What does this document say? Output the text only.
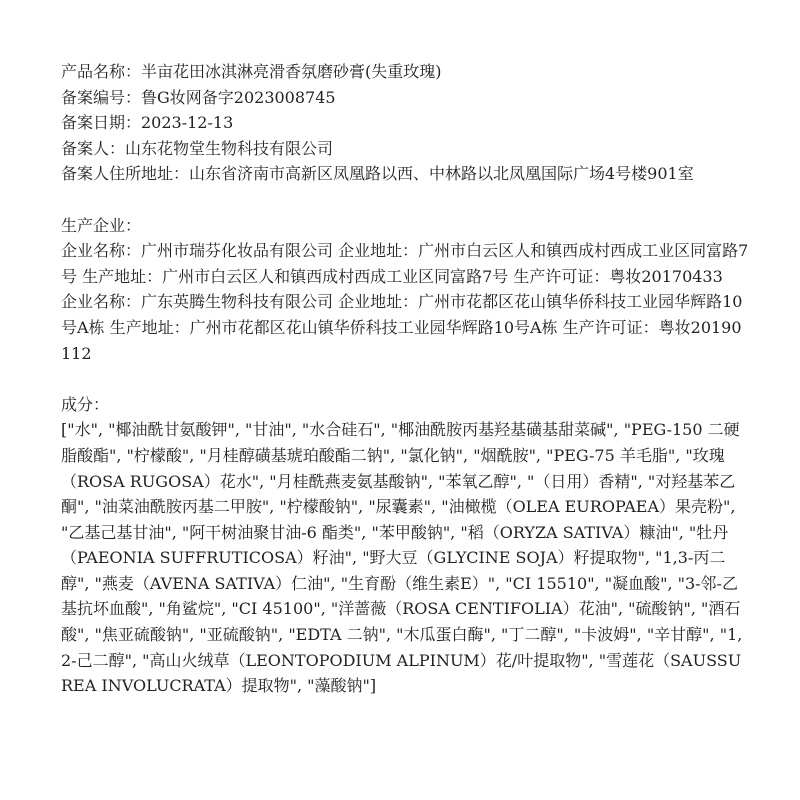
产品名称：半亩花田冰淇淋亮滑香氛磨砂膏(失重玫瑰)

备案编号：鲁G妆网备字2023008745

备案日期：2023-12-13

备案人：山东花物堂生物科技有限公司

备案人住所地址：山东省济南市高新区凤凰路以西、中林路以北凤凰国际广场4号楼901室

生产企业：

企业名称：广州市瑞芬化妆品有限公司 企业地址：广州市白云区人和镇西成村西成工业区同富路7号 生产地址：广州市白云区人和镇西成村西成工业区同富路7号 生产许可证：粤妆20170433

企业名称：广东英腾生物科技有限公司 企业地址：广州市花都区花山镇华侨科技工业园华辉路10号A栋 生产地址：广州市花都区花山镇华侨科技工业园华辉路10号A栋 生产许可证：粤妆20190112

成分：

["水", "椰油酰甘氨酸钾", "甘油", "水合硅石", "椰油酰胺丙基羟基磺基甜菜碱", "PEG-150 二硬脂酸酯", "柠檬酸", "月桂醇磺基琥珀酸酯二钠", "氯化钠", "烟酰胺", "PEG-75 羊毛脂", "玫瑰（ROSA RUGOSA）花水", "月桂酰燕麦氨基酸钠", "苯氧乙醇", "（日用）香精", "对羟基苯乙酮", "油菜油酰胺丙基二甲胺", "柠檬酸钠", "尿囊素", "油橄榄（OLEA EUROPAEA）果壳粉", "乙基己基甘油", "阿干树油聚甘油-6 酯类", "苯甲酸钠", "稻（ORYZA SATIVA）糠油", "牡丹（PAEONIA SUFFRUTICOSA）籽油", "野大豆（GLYCINE SOJA）籽提取物", "1,3-丙二醇", "燕麦（AVENA SATIVA）仁油", "生育酚（维生素E）", "CI 15510", "凝血酸", "3-邻-乙基抗坏血酸", "角鲨烷", "CI 45100", "洋蔷薇（ROSA CENTIFOLIA）花油", "硫酸钠", "酒石酸", "焦亚硫酸钠", "亚硫酸钠", "EDTA 二钠", "木瓜蛋白酶", "丁二醇", "卡波姆", "辛甘醇", "1,2-己二醇", "高山火绒草（LEONTOPODIUM ALPINUM）花/叶提取物", "雪莲花（SAUSSUREA INVOLUCRATA）提取物", "藻酸钠"]
